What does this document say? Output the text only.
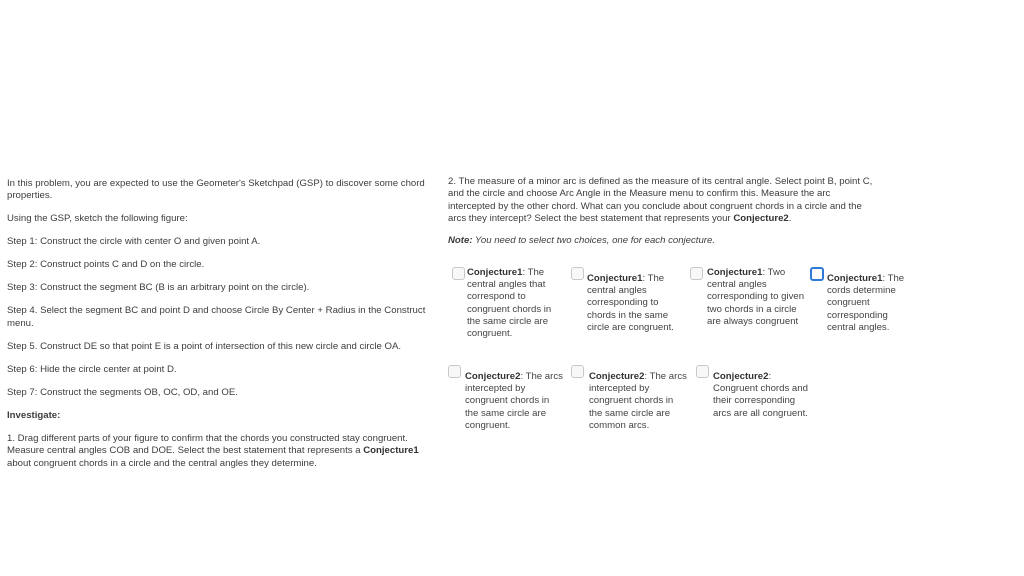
In this problem, you are expected to use the Geometer's Sketchpad (GSP) to discover some chord properties.

Using the GSP, sketch the following figure:

Step 1: Construct the circle with center O and given point A.

Step 2: Construct points C and D on the circle.

Step 3: Construct the segment BC (B is an arbitrary point on the circle).

Step 4. Select the segment BC and point D and choose Circle By Center + Radius in the Construct menu.

Step 5. Construct DE so that point E is a point of intersection of this new circle and circle OA.

Step 6: Hide the circle center at point D.

Step 7: Construct the segments OB, OC, OD, and OE.

Investigate:

1. Drag different parts of your figure to confirm that the chords you constructed stay congruent. Measure central angles COB and DOE. Select the best statement that represents a Conjecture1 about congruent chords in a circle and the central angles they determine.

2. The measure of a minor arc is defined as the measure of its central angle. Select point B, point C, and the circle and choose Arc Angle in the Measure menu to confirm this. Measure the arc intercepted by the other chord. What can you conclude about congruent chords in a circle and the arcs they intercept? Select the best statement that represents your Conjecture2.

Note: You need to select two choices, one for each conjecture.
Conjecture1: The central angles that correspond to congruent chords in the same circle are congruent.
Conjecture1: The central angles corresponding to chords in the same circle are congruent.
Conjecture1: Two central angles corresponding to given two chords in a circle are always congruent
Conjecture1: The cords determine congruent corresponding central angles.
Conjecture2: The arcs intercepted by congruent chords in the same circle are congruent.
Conjecture2: The arcs intercepted by congruent chords in the same circle are common arcs.
Conjecture2: Congruent chords and their corresponding arcs are all congruent.
